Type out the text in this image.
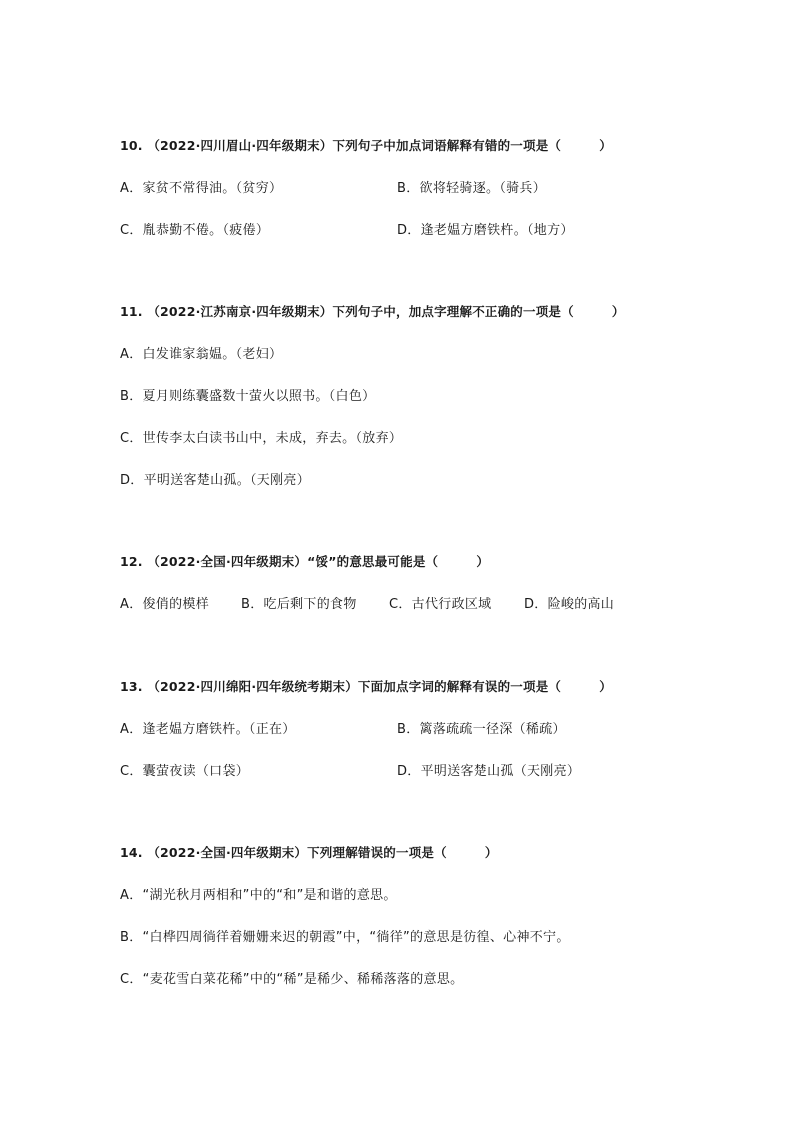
10. （2022·四川眉山·四年级期末）下列句子中加点词语解释有错的一项是（　　　）
A．家贫不常得油。（贫穷）	B．欲将轻骑逐。（骑兵）
C．胤恭勤不倦。（疲倦）	D．逢老媪方磨铁杵。（地方）
11. （2022·江苏南京·四年级期末）下列句子中，加点字理解不正确的一项是（　　　）
A．白发谁家翁媪。（老妇）
B．夏月则练囊盛数十萤火以照书。（白色）
C．世传李太白读书山中，未成，弃去。（放弃）
D．平明送客楚山孤。（天刚亮）
12. （2022·全国·四年级期末）“馁”的意思最可能是（　　　）
A．俊俏的模样 B．吃后剩下的食物 C．古代行政区域	D．险峻的高山
13. （2022·四川绵阳·四年级统考期末）下面加点字词的解释有误的一项是（　　　）
A．逢老媪方磨铁杵。（正在）	B．篱落疏疏一径深（稀疏）
C．囊萤夜读（口袋）	D．平明送客楚山孤（天刚亮）
14. （2022·全国·四年级期末）下列理解错误的一项是（　　　）
A．“湖光秋月两相和”中的“和”是和谐的意思。
B．“白桦四周徜徉着姗姗来迟的朝霞”中，“徜徉”的意思是彷徨、心神不宁。
C．“麦花雪白菜花稀”中的“稀”是稀少、稀稀落落的意思。
